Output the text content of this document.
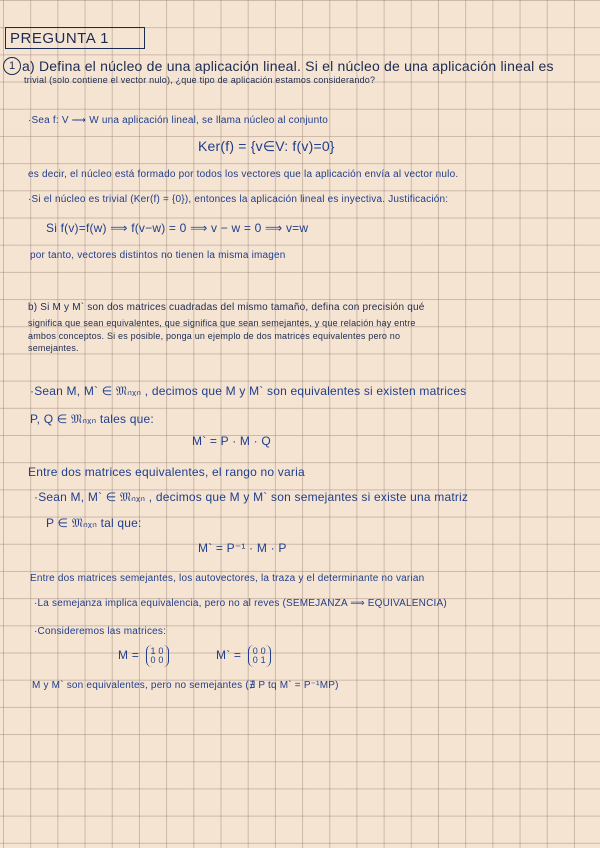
PREGUNTA 1
1 a) Defina el núcleo de una aplicación lineal. Si el núcleo de una aplicación lineal es
trivial (solo contiene el vector nulo), ¿que tipo de aplicación estamos considerando?
·Sea f: V ⟶ W una aplicación lineal, se llama núcleo al conjunto
Ker(f) = {v∈V: f(v)=0}
es decir, el núcleo está formado por todos los vectores que la aplicación envía al vector nulo.
·Si el núcleo es trivial (Ker(f) = {0}), entonces la aplicación lineal es inyectiva. Justificación:
Si f(v)=f(w) ⟹ f(v−w) = 0 ⟹ v − w = 0 ⟹ v=w
por tanto, vectores distintos no tienen la misma imagen
b) Si M y M` son dos matrices cuadradas del mismo tamaño, defina con precisión qué
significa que sean equivalentes, que significa que sean semejantes, y que relación hay entre
ambos conceptos. Si es posible, ponga un ejemplo de dos matrices equivalentes pero no
semejantes.
·Sean M, M` ∈ 𝔐ₙₓₙ , decimos que M y M` son equivalentes si existen matrices
P, Q ∈ 𝔐ₙₓₙ tales que:
M` = P · M · Q
Entre dos matrices equivalentes, el rango no varia
·Sean M, M` ∈ 𝔐ₙₓₙ , decimos que M y M` son semejantes si existe una matriz
P ∈ 𝔐ₙₓₙ tal que:
M` = P⁻¹ · M · P
Entre dos matrices semejantes, los autovectores, la traza y el determinante no varian
·La semejanza implica equivalencia, pero no al reves (SEMEJANZA ⟹ EQUIVALENCIA)
·Consideremos las matrices:
M = 1 0
0 0	M` = 0 0
0 1
M y M` son equivalentes, pero no semejantes (∄ P tq M` = P⁻¹MP)
